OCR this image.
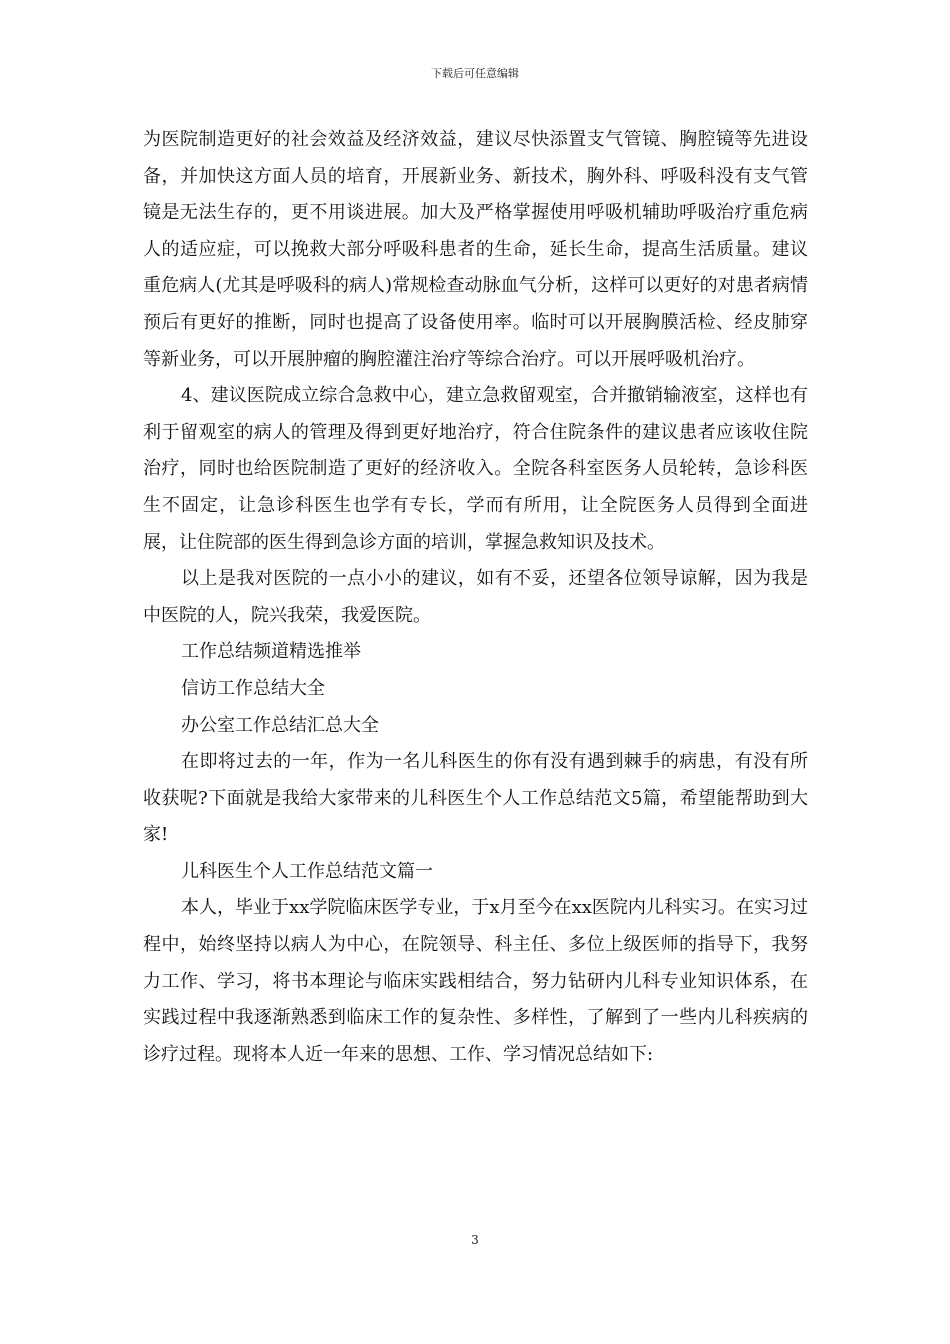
下载后可任意编辑

为医院制造更好的社会效益及经济效益，建议尽快添置支气管镜、胸腔镜等先进设备，并加快这方面人员的培育，开展新业务、新技术，胸外科、呼吸科没有支气管镜是无法生存的，更不用谈进展。加大及严格掌握使用呼吸机辅助呼吸治疗重危病人的适应症，可以挽救大部分呼吸科患者的生命，延长生命，提高生活质量。建议重危病人(尤其是呼吸科的病人)常规检查动脉血气分析，这样可以更好的对患者病情预后有更好的推断，同时也提高了设备使用率。临时可以开展胸膜活检、经皮肺穿等新业务，可以开展肿瘤的胸腔灌注治疗等综合治疗。可以开展呼吸机治疗。

4、建议医院成立综合急救中心，建立急救留观室，合并撤销输液室，这样也有利于留观室的病人的管理及得到更好地治疗，符合住院条件的建议患者应该收住院治疗，同时也给医院制造了更好的经济收入。全院各科室医务人员轮转，急诊科医生不固定，让急诊科医生也学有专长，学而有所用，让全院医务人员得到全面进展，让住院部的医生得到急诊方面的培训，掌握急救知识及技术。

以上是我对医院的一点小小的建议，如有不妥，还望各位领导谅解，因为我是中医院的人，院兴我荣，我爱医院。

工作总结频道精选推举

信访工作总结大全

办公室工作总结汇总大全

在即将过去的一年，作为一名儿科医生的你有没有遇到棘手的病患，有没有所收获呢?下面就是我给大家带来的儿科医生个人工作总结范文5篇，希望能帮助到大家!

儿科医生个人工作总结范文篇一

本人，毕业于xx学院临床医学专业，于x月至今在xx医院内儿科实习。在实习过程中，始终坚持以病人为中心，在院领导、科主任、多位上级医师的指导下，我努力工作、学习，将书本理论与临床实践相结合，努力钻研内儿科专业知识体系，在实践过程中我逐渐熟悉到临床工作的复杂性、多样性，了解到了一些内儿科疾病的诊疗过程。现将本人近一年来的思想、工作、学习情况总结如下:

3
